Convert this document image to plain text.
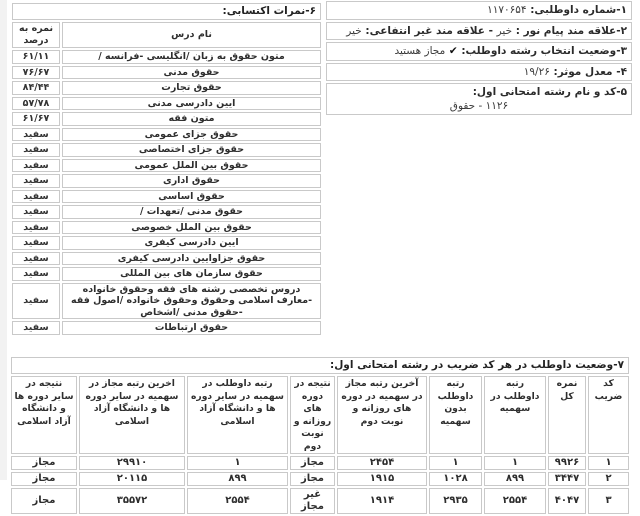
۱-شماره داوطلبی: ۱۱۷۰۶۵۴
۲-علاقه مند پیام نور : خیر - علاقه مند غیر انتفاعی: خیر
۳-وضعیت انتخاب رشته داوطلب: ✔ مجاز هستید
۴- معدل موثر: ۱۹/۲۶
۵-کد و نام رشته امتحانی اول:
۱۱۲۶ - حقوق
۶-نمرات اکتسابی:	
نام درس	نمره به درصد
متون حقوق به زبان /انگلیسی -فرانسه /	۶۱/۱۱
حقوق مدنی	۷۶/۶۷
حقوق تجارت	۸۴/۴۴
ایین دادرسی مدنی	۵۷/۷۸
متون فقه	۶۱/۶۷
حقوق جزای عمومی	سفید
حقوق جزای اختصاصی	سفید
حقوق بین الملل عمومی	سفید
حقوق اداری	سفید
حقوق اساسی	سفید
حقوق مدنی /تعهدات /	سفید
حقوق بین الملل خصوصی	سفید
ایین دادرسی کیفری	سفید
حقوق جزاوایین دادرسی کیفری	سفید
حقوق سازمان های بین المللی	سفید
دروس تخصصی رشته های فقه وحقوق خانواده -معارف اسلامی وحقوق وحقوق خانواده /اصول فقه -حقوق مدنی /اشخاص	سفید
حقوق ارتباطات	سفید
۷-وضعیت داوطلب در هر کد ضریب در رشته امتحانی اول:								
کد ضریب	نمره کل	رتبه داوطلب در سهمیه	رتبه داوطلب بدون سهمیه	آخرین رتبه مجاز در سهمیه در دوره های روزانه و نوبت دوم	نتیجه در دوره های روزانه و نوبت دوم	رتبه داوطلب در سهمیه در سایر دوره ها و دانشگاه آزاد اسلامی	اخرین رتبه مجاز در سهمیه در سایر دوره ها و دانشگاه آزاد اسلامی	نتیجه در سایر دوره ها و دانشگاه آزاد اسلامی
۱	۹۹۲۶	۱	۱	۲۴۵۴	مجاز	۱	۲۹۹۱۰	مجاز
۲	۳۴۴۷	۸۹۹	۱۰۲۸	۱۹۱۵	مجاز	۸۹۹	۲۰۱۱۵	مجاز
۳	۴۰۴۷	۲۵۵۴	۲۹۳۵	۱۹۱۴	غیر مجاز	۲۵۵۴	۳۵۵۷۲	مجاز
